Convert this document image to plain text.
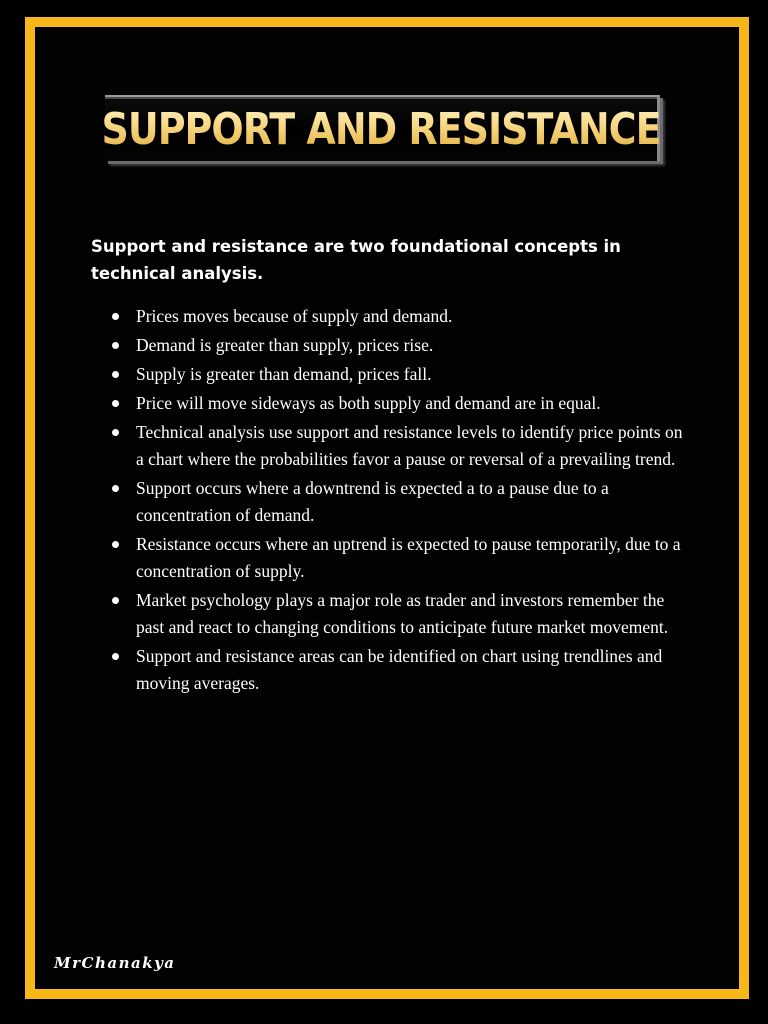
SUPPORT AND RESISTANCE

Support and resistance are two foundational concepts in technical analysis.

Prices moves because of supply and demand.
Demand is greater than supply, prices rise.
Supply is greater than demand, prices fall.
Price will move sideways as both supply and demand are in equal.
Technical analysis use support and resistance levels to identify price points on a chart where the probabilities favor a pause or reversal of a prevailing trend.
Support occurs where a downtrend is expected a to a pause due to a concentration of demand.
Resistance occurs where an uptrend is expected to pause temporarily, due to a concentration of supply.
Market psychology plays a major role as trader and investors remember the past and react to changing conditions to anticipate future market movement.
Support and resistance areas can be identified on chart using trendlines and moving averages.
MrChanakya
